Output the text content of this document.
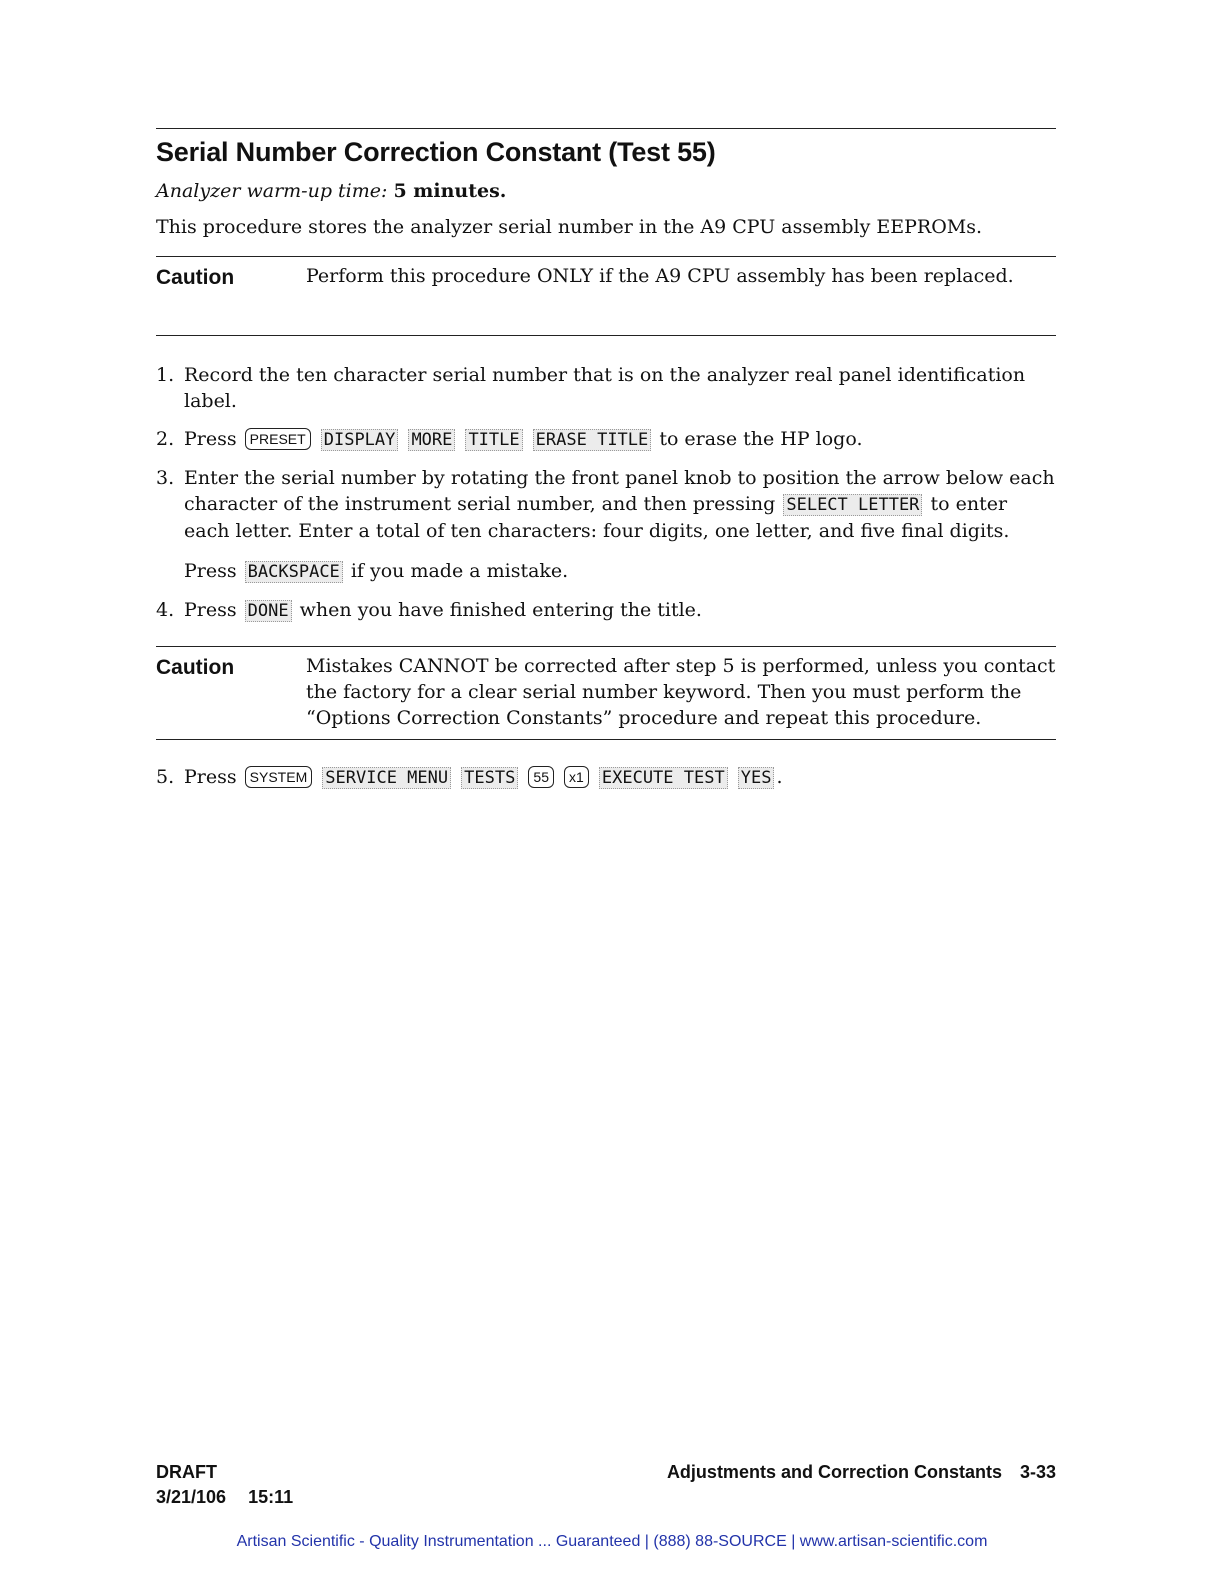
Serial Number Correction Constant (Test 55)
Analyzer warm-up time: 5 minutes.
This procedure stores the analyzer serial number in the A9 CPU assembly EEPROMs.
Caution	Perform this procedure ONLY if the A9 CPU assembly has been replaced.
1. Record the ten character serial number that is on the analyzer real panel identification label.
2. Press PRESET DISPLAY MORE TITLE ERASE TITLE to erase the HP logo.
3. Enter the serial number by rotating the front panel knob to position the arrow below each character of the instrument serial number, and then pressing SELECT LETTER to enter each letter. Enter a total of ten characters: four digits, one letter, and five final digits.
Press BACKSPACE if you made a mistake.
4. Press DONE when you have finished entering the title.
Caution	Mistakes CANNOT be corrected after step 5 is performed, unless you contact the factory for a clear serial number keyword. Then you must perform the “Options Correction Constants” procedure and repeat this procedure.
5. Press SYSTEM SERVICE MENU TESTS 55 x1 EXECUTE TEST YES .
DRAFT
3/21/106 15:11
Adjustments and Correction Constants 3-33
Artisan Scientific - Quality Instrumentation ... Guaranteed | (888) 88-SOURCE | www.artisan-scientific.com
